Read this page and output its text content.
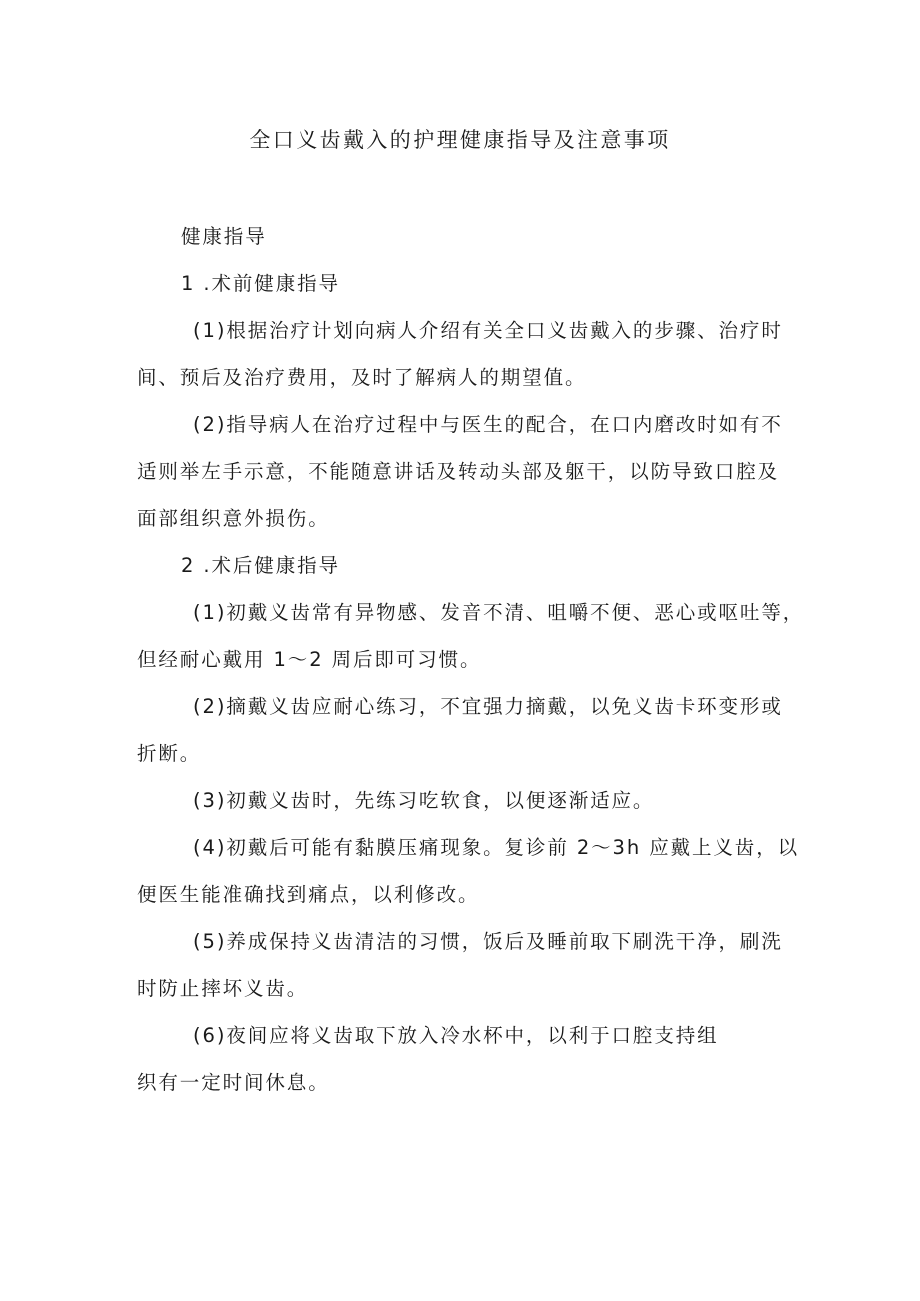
全口义齿戴入的护理健康指导及注意事项
健康指导
1 .术前健康指导
(1)根据治疗计划向病人介绍有关全口义齿戴入的步骤、治疗时
间、预后及治疗费用，及时了解病人的期望值。
(2)指导病人在治疗过程中与医生的配合，在口内磨改时如有不
适则举左手示意，不能随意讲话及转动头部及躯干，以防导致口腔及
面部组织意外损伤。
2 .术后健康指导
(1)初戴义齿常有异物感、发音不清、咀嚼不便、恶心或呕吐等，
但经耐心戴用 1～2 周后即可习惯。
(2)摘戴义齿应耐心练习，不宜强力摘戴，以免义齿卡环变形或
折断。
(3)初戴义齿时，先练习吃软食，以便逐渐适应。
(4)初戴后可能有黏膜压痛现象。复诊前 2～3h 应戴上义齿，以
便医生能准确找到痛点，以利修改。
(5)养成保持义齿清洁的习惯，饭后及睡前取下刷洗干净，刷洗
时防止摔坏义齿。
(6)夜间应将义齿取下放入冷水杯中，以利于口腔支持组
织有一定时间休息。
